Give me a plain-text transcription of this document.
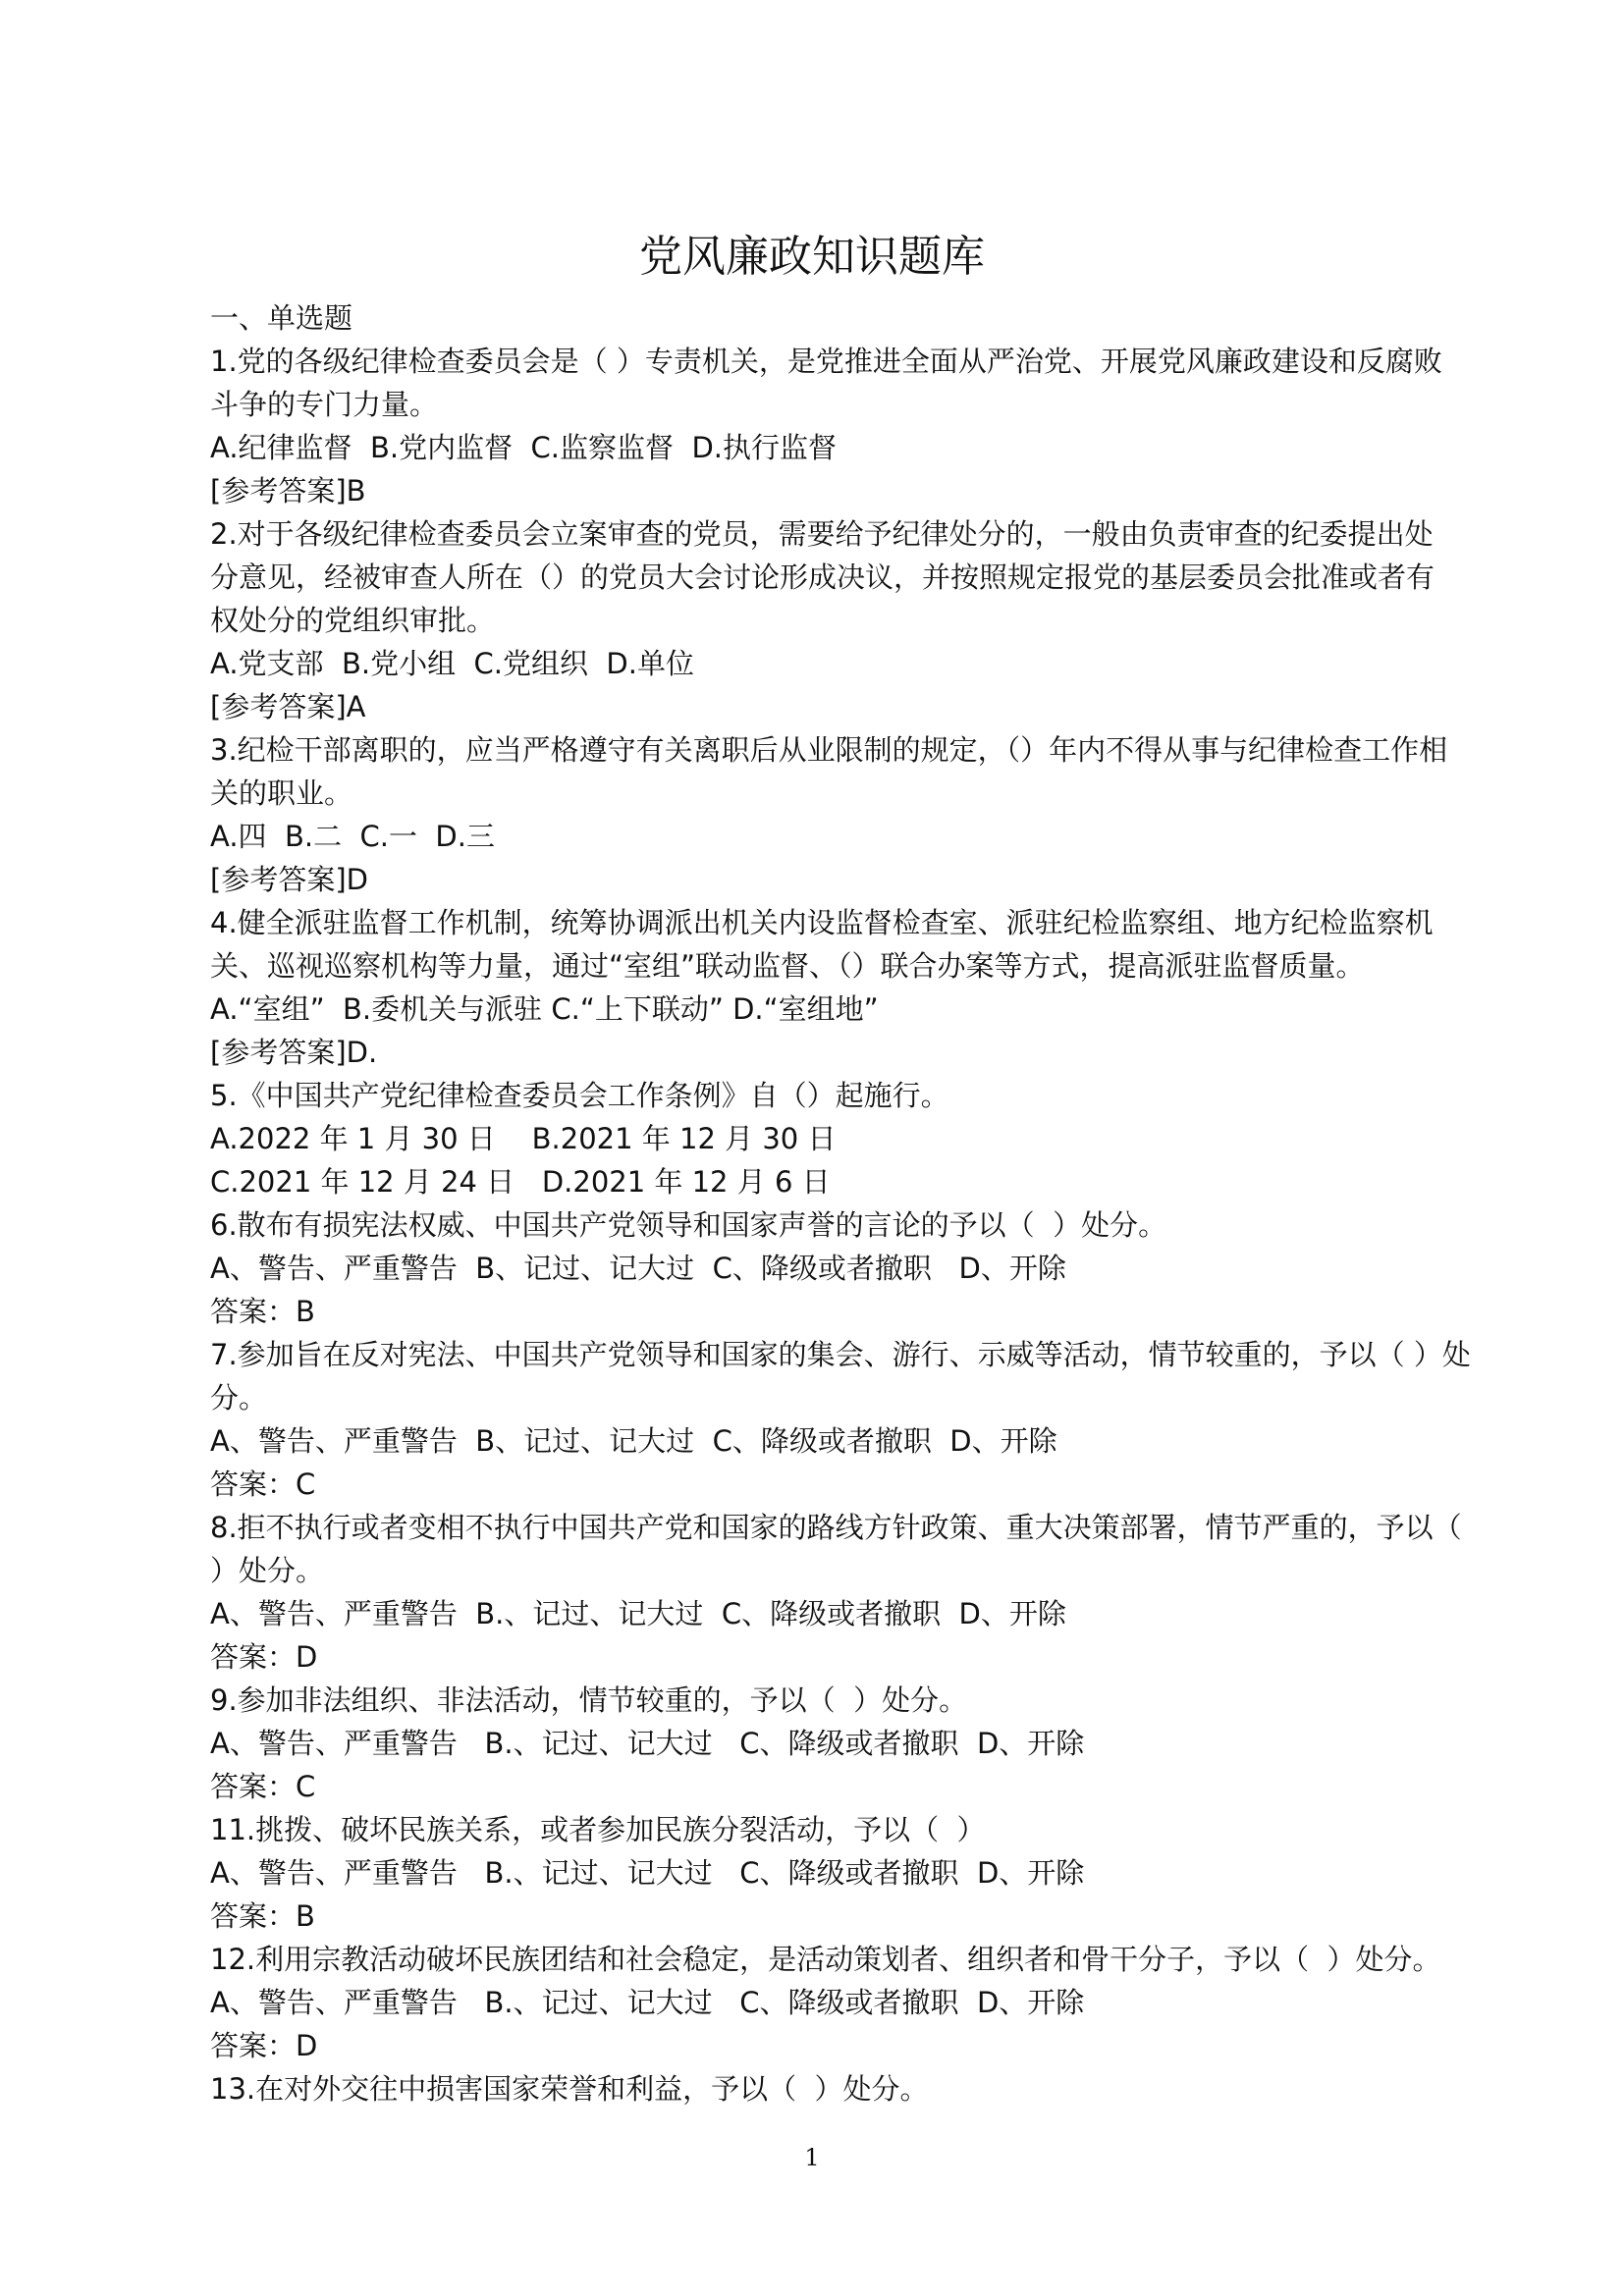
党风廉政知识题库
一、单选题
1.党的各级纪律检查委员会是（ ）专责机关，是党推进全面从严治党、开展党风廉政建设和反腐败
斗争的专门力量。
A.纪律监督  B.党内监督  C.监察监督  D.执行监督
[参考答案]B
2.对于各级纪律检查委员会立案审查的党员，需要给予纪律处分的，一般由负责审查的纪委提出处
分意见，经被审查人所在（）的党员大会讨论形成决议，并按照规定报党的基层委员会批准或者有
权处分的党组织审批。
A.党支部  B.党小组  C.党组织  D.单位
[参考答案]A
3.纪检干部离职的，应当严格遵守有关离职后从业限制的规定，（）年内不得从事与纪律检查工作相
关的职业。
A.四  B.二  C.一  D.三
[参考答案]D
4.健全派驻监督工作机制，统筹协调派出机关内设监督检查室、派驻纪检监察组、地方纪检监察机
关、巡视巡察机构等力量，通过“室组”联动监督、（）联合办案等方式，提高派驻监督质量。
A.“室组”  B.委机关与派驻 C.“上下联动” D.“室组地”
[参考答案]D.
5.《中国共产党纪律检查委员会工作条例》自（）起施行。
A.2022 年 1 月 30 日    B.2021 年 12 月 30 日
C.2021 年 12 月 24 日   D.2021 年 12 月 6 日
6.散布有损宪法权威、中国共产党领导和国家声誉的言论的予以（  ）处分。
A、警告、严重警告  B、记过、记大过  C、降级或者撤职   D、开除
答案：B
7.参加旨在反对宪法、中国共产党领导和国家的集会、游行、示威等活动，情节较重的，予以（ ）处
分。
A、警告、严重警告  B、记过、记大过  C、降级或者撤职  D、开除
答案：C
8.拒不执行或者变相不执行中国共产党和国家的路线方针政策、重大决策部署，情节严重的，予以（
）处分。
A、警告、严重警告  B.、记过、记大过  C、降级或者撤职  D、开除
答案：D
9.参加非法组织、非法活动，情节较重的，予以（  ）处分。
A、警告、严重警告   B.、记过、记大过   C、降级或者撤职  D、开除
答案：C
11.挑拨、破坏民族关系，或者参加民族分裂活动，予以（  ）
A、警告、严重警告   B.、记过、记大过   C、降级或者撤职  D、开除
答案：B
12.利用宗教活动破坏民族团结和社会稳定，是活动策划者、组织者和骨干分子，予以（  ）处分。
A、警告、严重警告   B.、记过、记大过   C、降级或者撤职  D、开除
答案：D
13.在对外交往中损害国家荣誉和利益，予以（  ）处分。
1
